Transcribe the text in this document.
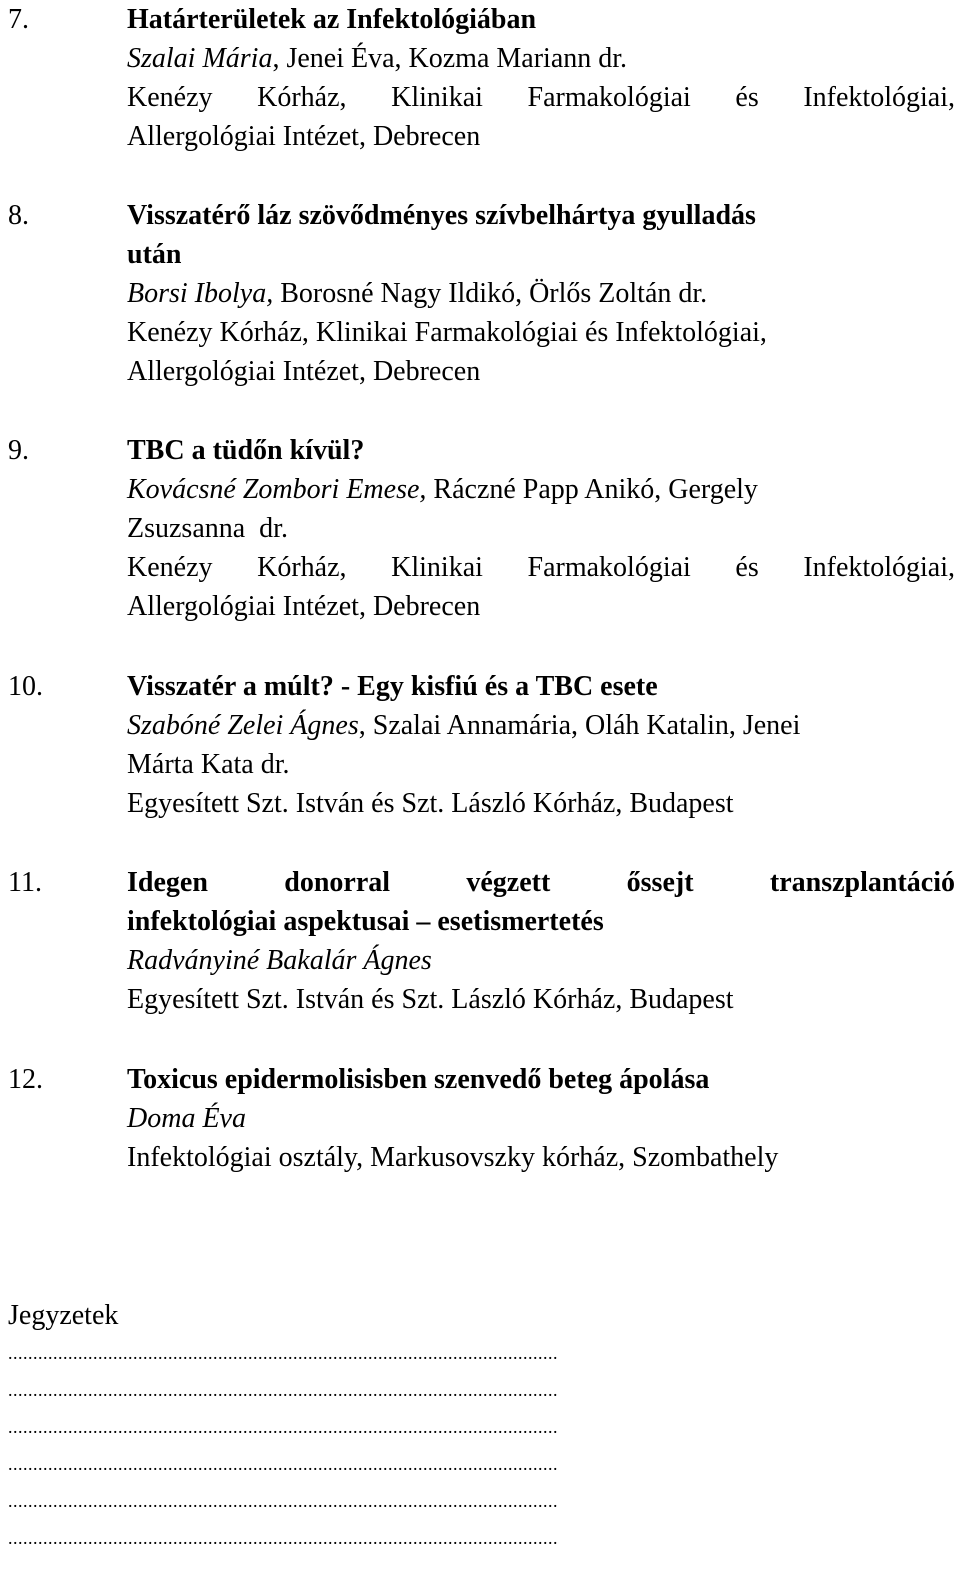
7.	Határterületek az Infektológiában
Szalai Mária, Jenei Éva, Kozma Mariann dr.
Kenézy Kórház, Klinikai Farmakológiai és Infektológiai,
Allergológiai Intézet, Debrecen
8.	Visszatérő láz szövődményes szívbelhártya gyulladás
után
Borsi Ibolya, Borosné Nagy Ildikó, Örlős Zoltán dr.
Kenézy Kórház, Klinikai Farmakológiai és Infektológiai,
Allergológiai Intézet, Debrecen
9.	TBC a tüdőn kívül?
Kovácsné Zombori Emese, Ráczné Papp Anikó, Gergely
Zsuzsanna  dr.
Kenézy Kórház, Klinikai Farmakológiai és Infektológiai,
Allergológiai Intézet, Debrecen
10.	Visszatér a múlt? - Egy kisfiú és a TBC esete
Szabóné Zelei Ágnes, Szalai Annamária, Oláh Katalin, Jenei
Márta Kata dr.
Egyesített Szt. István és Szt. László Kórház, Budapest
11.	Idegen	donorral	végzett	őssejt	transzplantáció
infektológiai aspektusai – esetismertetés
Radványiné Bakalár Ágnes
Egyesített Szt. István és Szt. László Kórház, Budapest
12.	Toxicus epidermolisisben szenvedő beteg ápolása
Doma Éva
Infektológiai osztály, Markusovszky kórház, Szombathely
Jegyzetek
..............................................................................................................
..............................................................................................................
..............................................................................................................
..............................................................................................................
..............................................................................................................
..............................................................................................................
